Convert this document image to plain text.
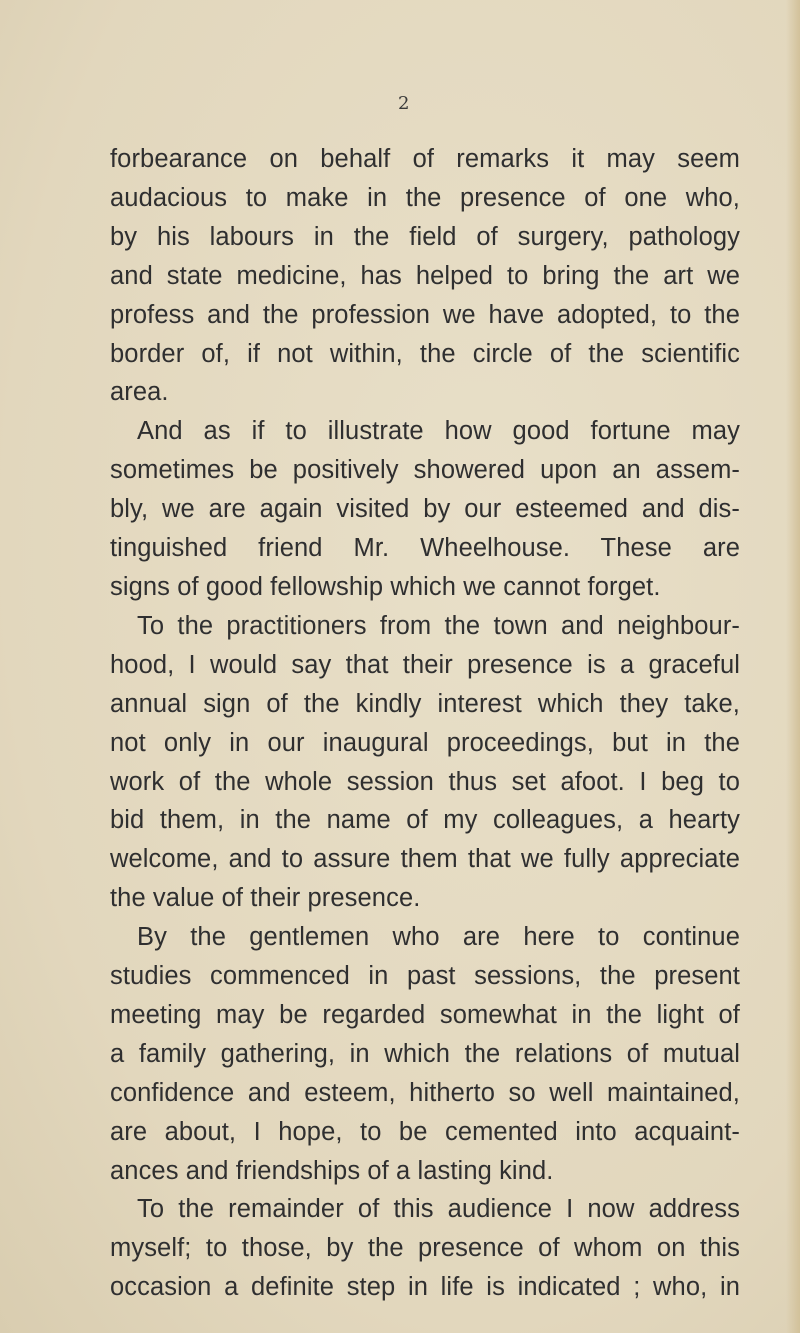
2
forbearance on behalf of remarks it may seem
audacious to make in the presence of one who,
by his labours in the field of surgery, pathology
and state medicine, has helped to bring the art we
profess and the profession we have adopted, to the
border of, if not within, the circle of the scientific
area.
And as if to illustrate how good fortune may
sometimes be positively showered upon an assem-
bly, we are again visited by our esteemed and dis-
tinguished friend Mr. Wheelhouse. These are
signs of good fellowship which we cannot forget.
To the practitioners from the town and neighbour-
hood, I would say that their presence is a graceful
annual sign of the kindly interest which they take,
not only in our inaugural proceedings, but in the
work of the whole session thus set afoot. I beg to
bid them, in the name of my colleagues, a hearty
welcome, and to assure them that we fully appreciate
the value of their presence.
By the gentlemen who are here to continue
studies commenced in past sessions, the present
meeting may be regarded somewhat in the light of
a family gathering, in which the relations of mutual
confidence and esteem, hitherto so well maintained,
are about, I hope, to be cemented into acquaint-
ances and friendships of a lasting kind.
To the remainder of this audience I now address
myself; to those, by the presence of whom on this
occasion a definite step in life is indicated ; who, in
